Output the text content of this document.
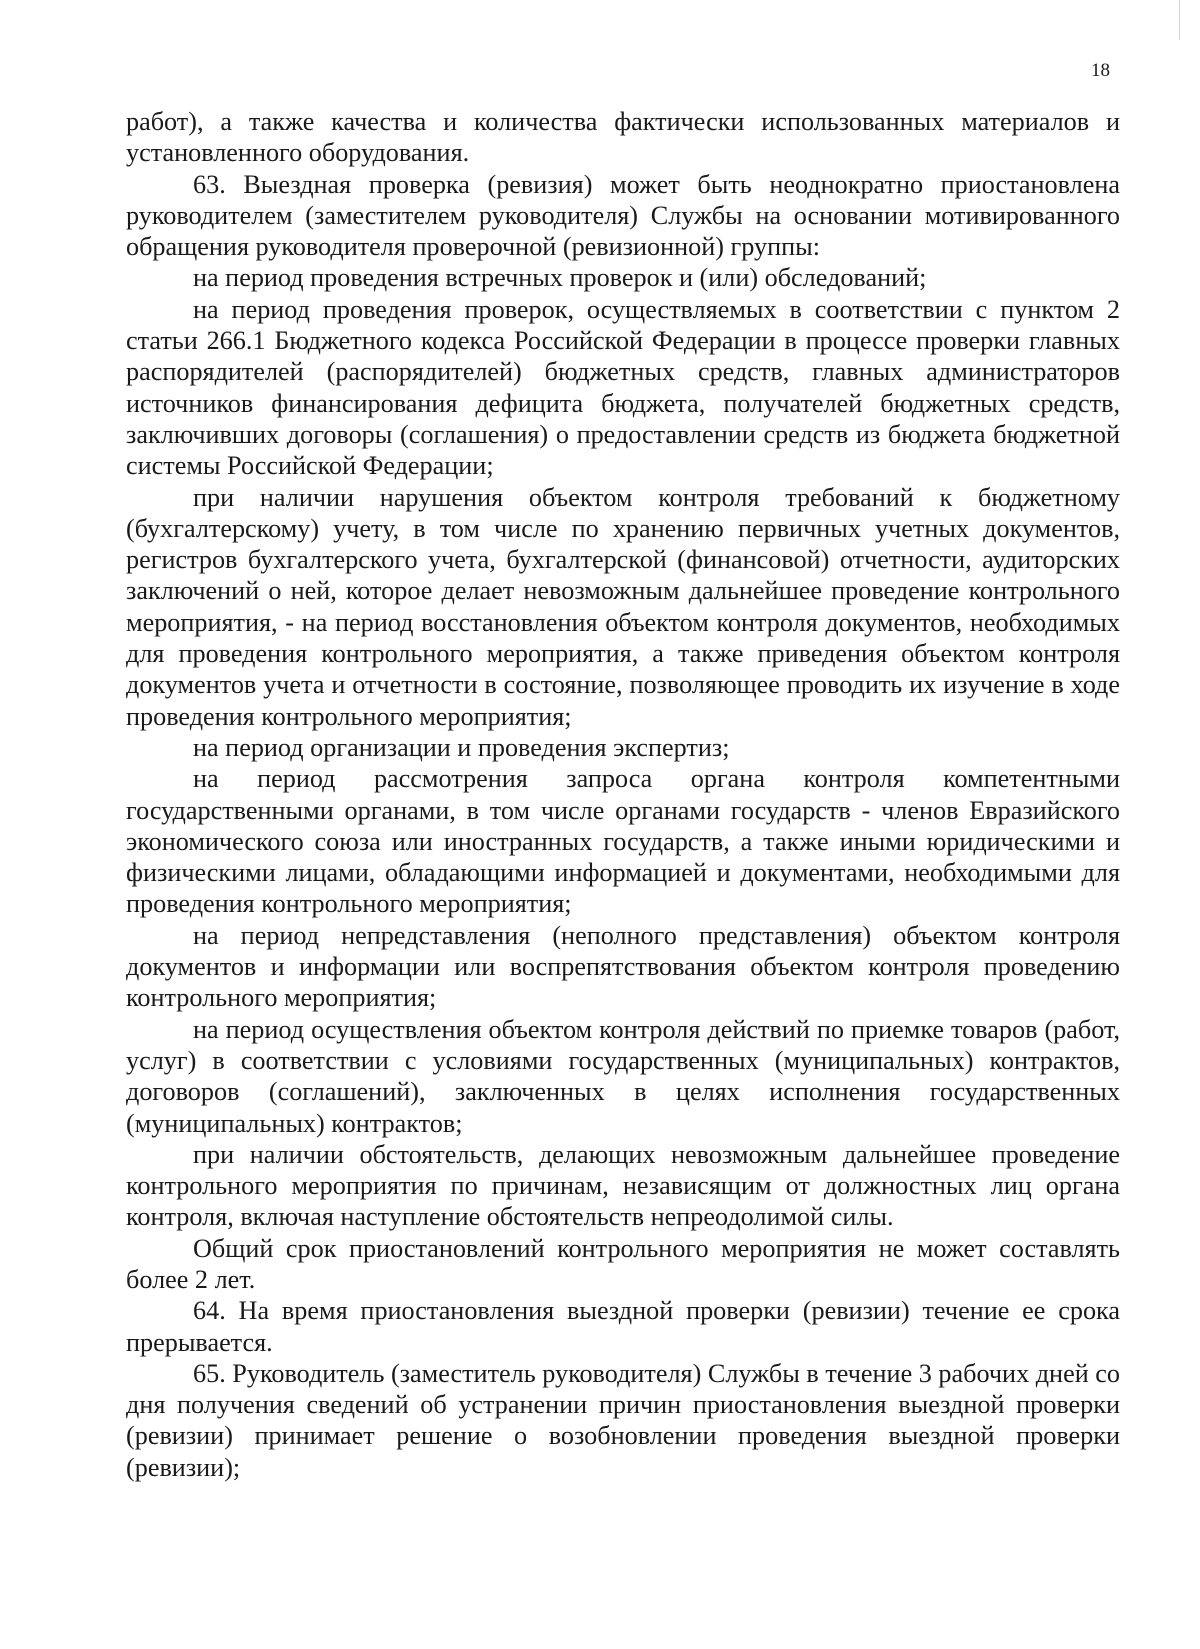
18

работ), а также качества и количества фактически использованных материалов и установленного оборудования.

63. Выездная проверка (ревизия) может быть неоднократно приостановлена руководителем (заместителем руководителя) Службы на основании мотивированного обращения руководителя проверочной (ревизионной) группы:

на период проведения встречных проверок и (или) обследований;

на период проведения проверок, осуществляемых в соответствии с пунктом 2 статьи 266.1 Бюджетного кодекса Российской Федерации в процессе проверки главных распорядителей (распорядителей) бюджетных средств, главных администраторов источников финансирования дефицита бюджета, получателей бюджетных средств, заключивших договоры (соглашения) о предоставлении средств из бюджета бюджетной системы Российской Федерации;

при наличии нарушения объектом контроля требований к бюджетному (бухгалтерскому) учету, в том числе по хранению первичных учетных документов, регистров бухгалтерского учета, бухгалтерской (финансовой) отчетности, аудиторских заключений о ней, которое делает невозможным дальнейшее проведение контрольного мероприятия, - на период восстановления объектом контроля документов, необходимых для проведения контрольного мероприятия, а также приведения объектом контроля документов учета и отчетности в состояние, позволяющее проводить их изучение в ходе проведения контрольного мероприятия;

на период организации и проведения экспертиз;

на период рассмотрения запроса органа контроля компетентными государственными органами, в том числе органами государств - членов Евразийского экономического союза или иностранных государств, а также иными юридическими и физическими лицами, обладающими информацией и документами, необходимыми для проведения контрольного мероприятия;

на период непредставления (неполного представления) объектом контроля документов и информации или воспрепятствования объектом контроля проведению контрольного мероприятия;

на период осуществления объектом контроля действий по приемке товаров (работ, услуг) в соответствии с условиями государственных (муниципальных) контрактов, договоров (соглашений), заключенных в целях исполнения государственных (муниципальных) контрактов;

при наличии обстоятельств, делающих невозможным дальнейшее проведение контрольного мероприятия по причинам, независящим от должностных лиц органа контроля, включая наступление обстоятельств непреодолимой силы.

Общий срок приостановлений контрольного мероприятия не может составлять более 2 лет.

64. На время приостановления выездной проверки (ревизии) течение ее срока прерывается.

65. Руководитель (заместитель руководителя) Службы в течение 3 рабочих дней со дня получения сведений об устранении причин приостановления выездной проверки (ревизии) принимает решение о возобновлении проведения выездной проверки (ревизии);
